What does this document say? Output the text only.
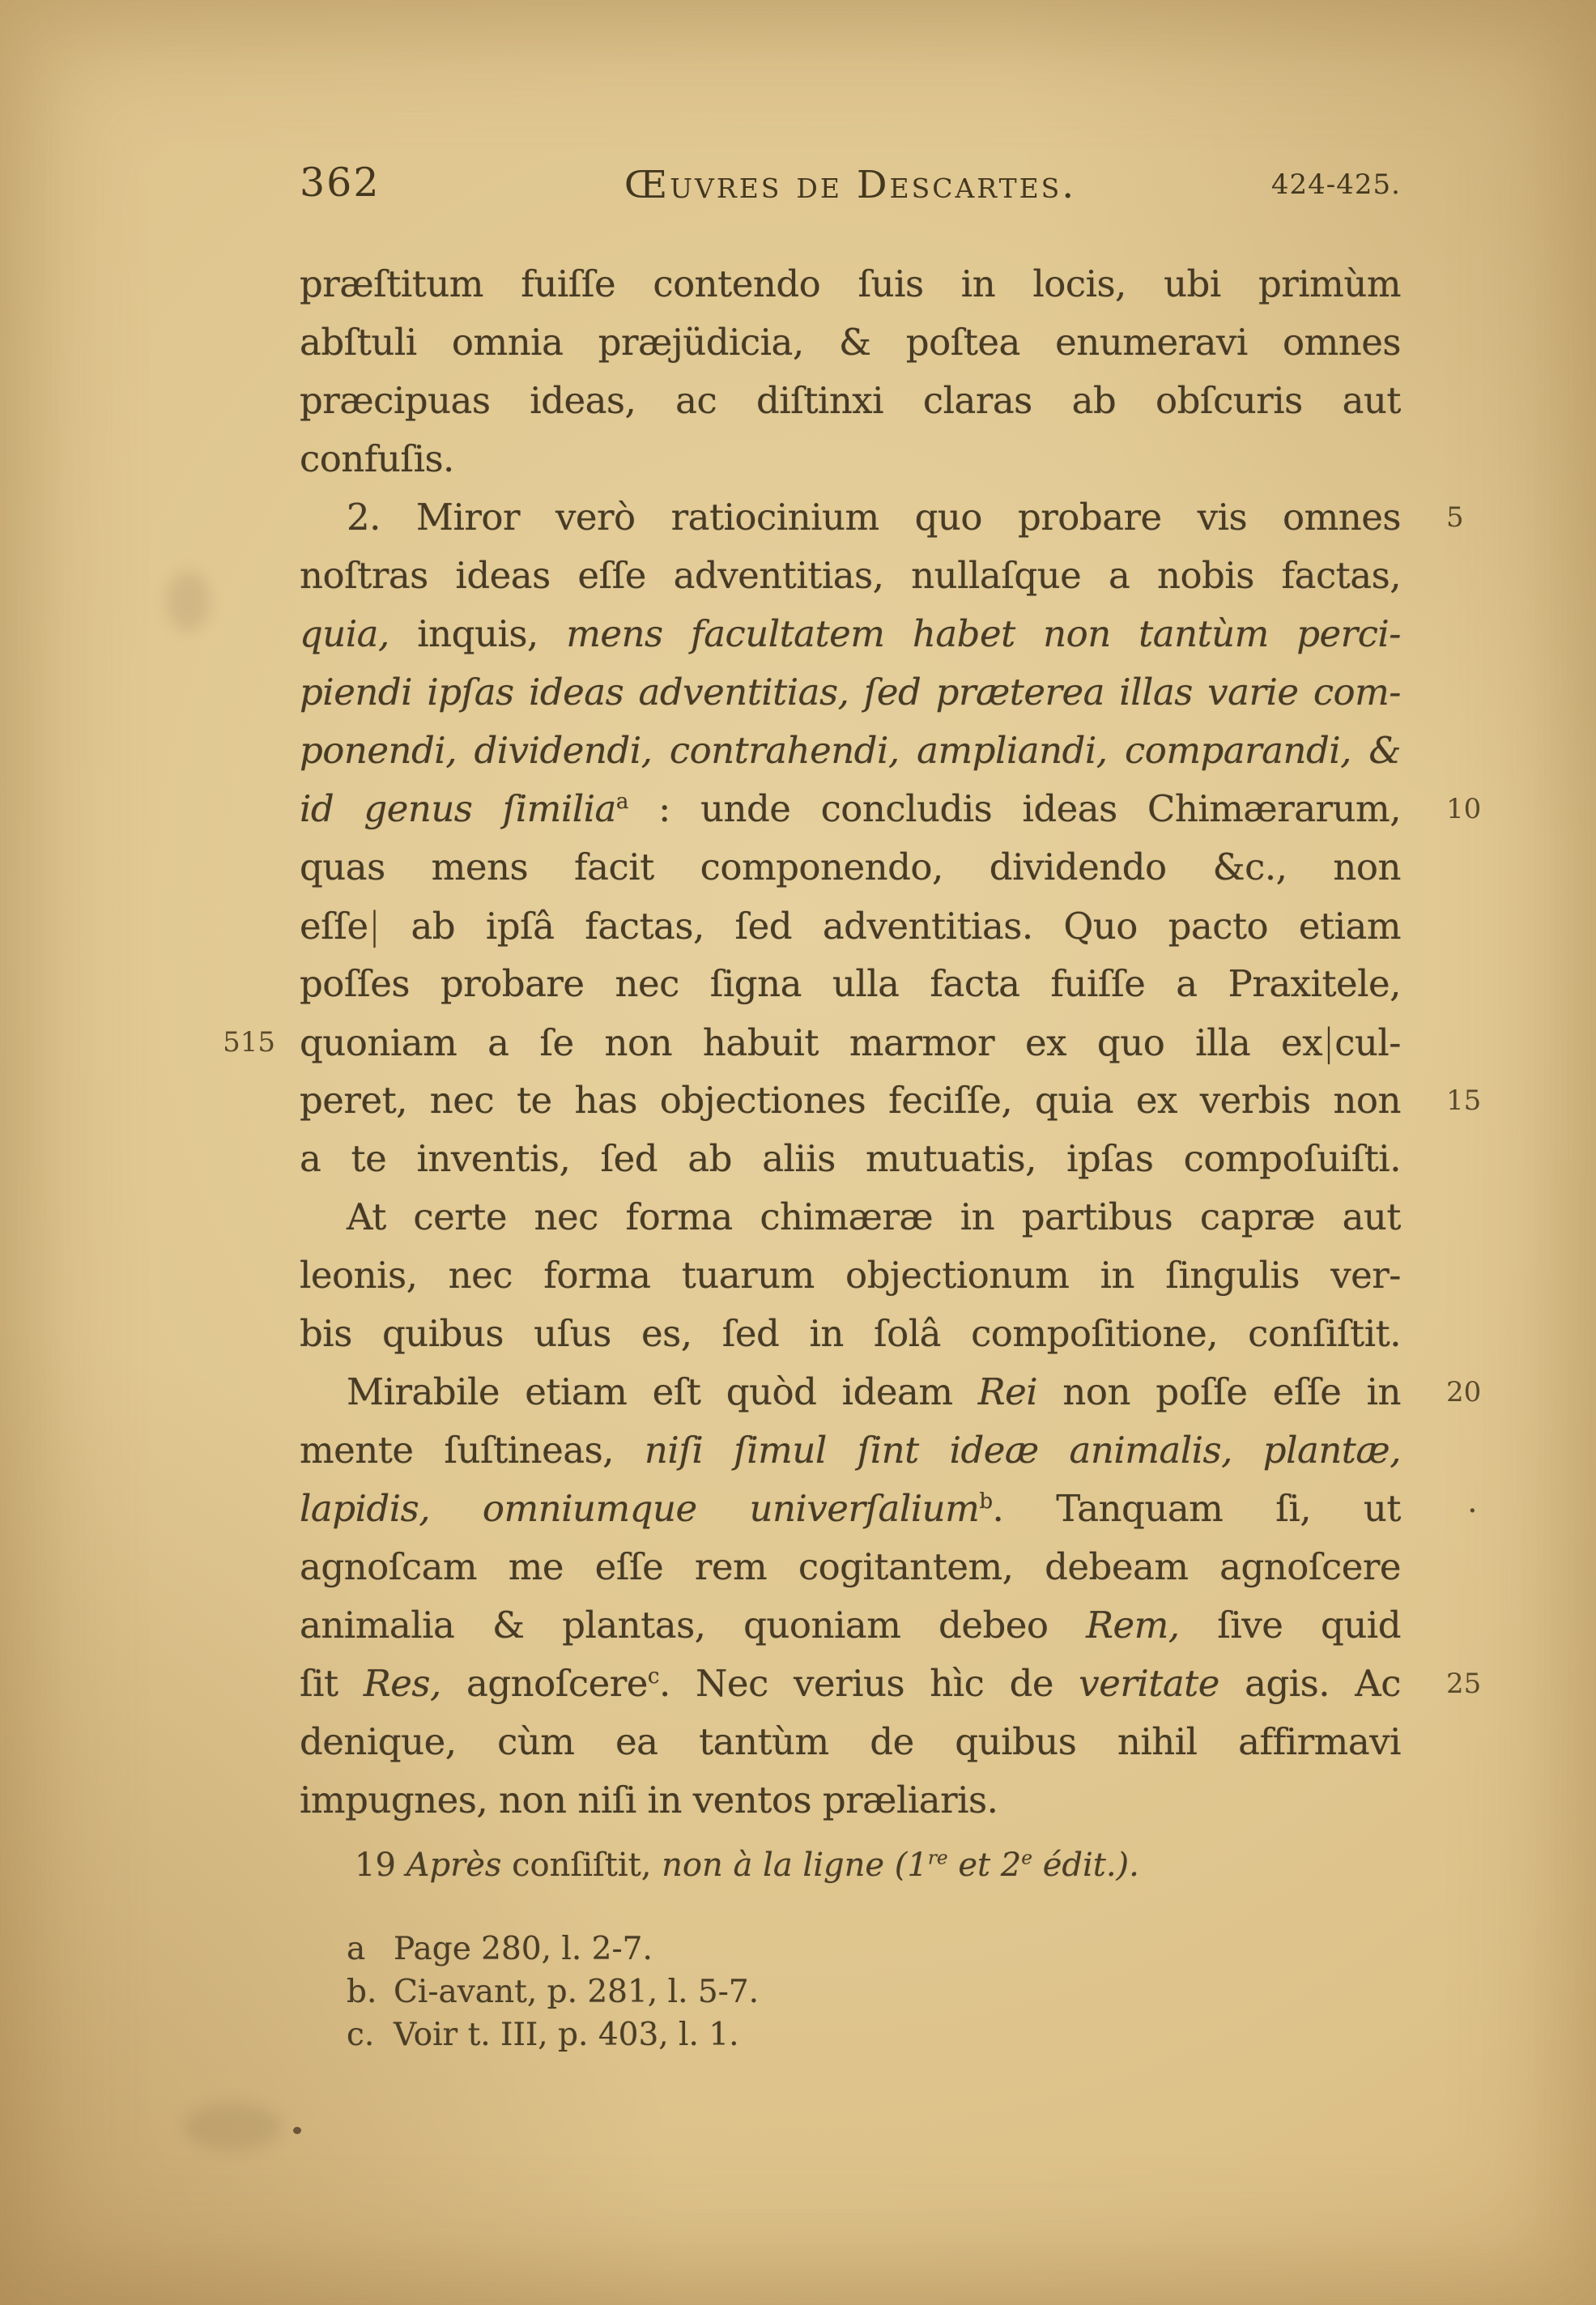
362	Œuvres de Descartes.	424-425.
præſtitum fuiſſe contendo ſuis in locis, ubi primùm
abſtuli omnia præjüdicia, & poſtea enumeravi omnes
præcipuas ideas, ac diſtinxi claras ab obſcuris aut
confuſis.
2. Miror verò ratiocinium quo probare vis omnes	5
noſtras ideas eſſe adventitias, nullaſque a nobis factas,
quia, inquis, mens facultatem habet non tantùm perci-
piendi ipſas ideas adventitias, ſed præterea illas varie com-
ponendi, dividendi, contrahendi, ampliandi, comparandi, &
id genus ſimilia$^a$ : unde concludis ideas Chimærarum,	10
quas mens facit componendo, dividendo &c., non
eſſe| ab ipſâ factas, ſed adventitias. Quo pacto etiam
poſſes probare nec ſigna ulla facta fuiſſe a Praxitele,
515 quoniam a ſe non habuit marmor ex quo illa ex|cul-
peret, nec te has objectiones feciſſe, quia ex verbis non	15
a te inventis, ſed ab aliis mutuatis, ipſas compoſuiſti.
At certe nec forma chimæræ in partibus capræ aut
leonis, nec forma tuarum objectionum in ſingulis ver-
bis quibus uſus es, ſed in ſolâ compoſitione, conſiſtit.
Mirabile etiam eſt quòd ideam Rei non poſſe eſſe in	20
mente ſuſtineas, niſi ſimul ſint ideæ animalis, plantæ,
lapidis, omniumque univerſalium$^b$. Tanquam ſi, ut	·
agnoſcam me eſſe rem cogitantem, debeam agnoſcere
animalia & plantas, quoniam debeo Rem, ſive quid
ſit Res, agnoſcere$^c$. Nec verius hìc de veritate agis. Ac	25
denique, cùm ea tantùm de quibus nihil affirmavi
impugnes, non niſi in ventos præliaris.
19 Après conſiſtit, non à la ligne (1re et 2e édit.).
a Page 280, l. 2-7.
b. Ci-avant, p. 281, l. 5-7.
c. Voir t. III, p. 403, l. 1.
